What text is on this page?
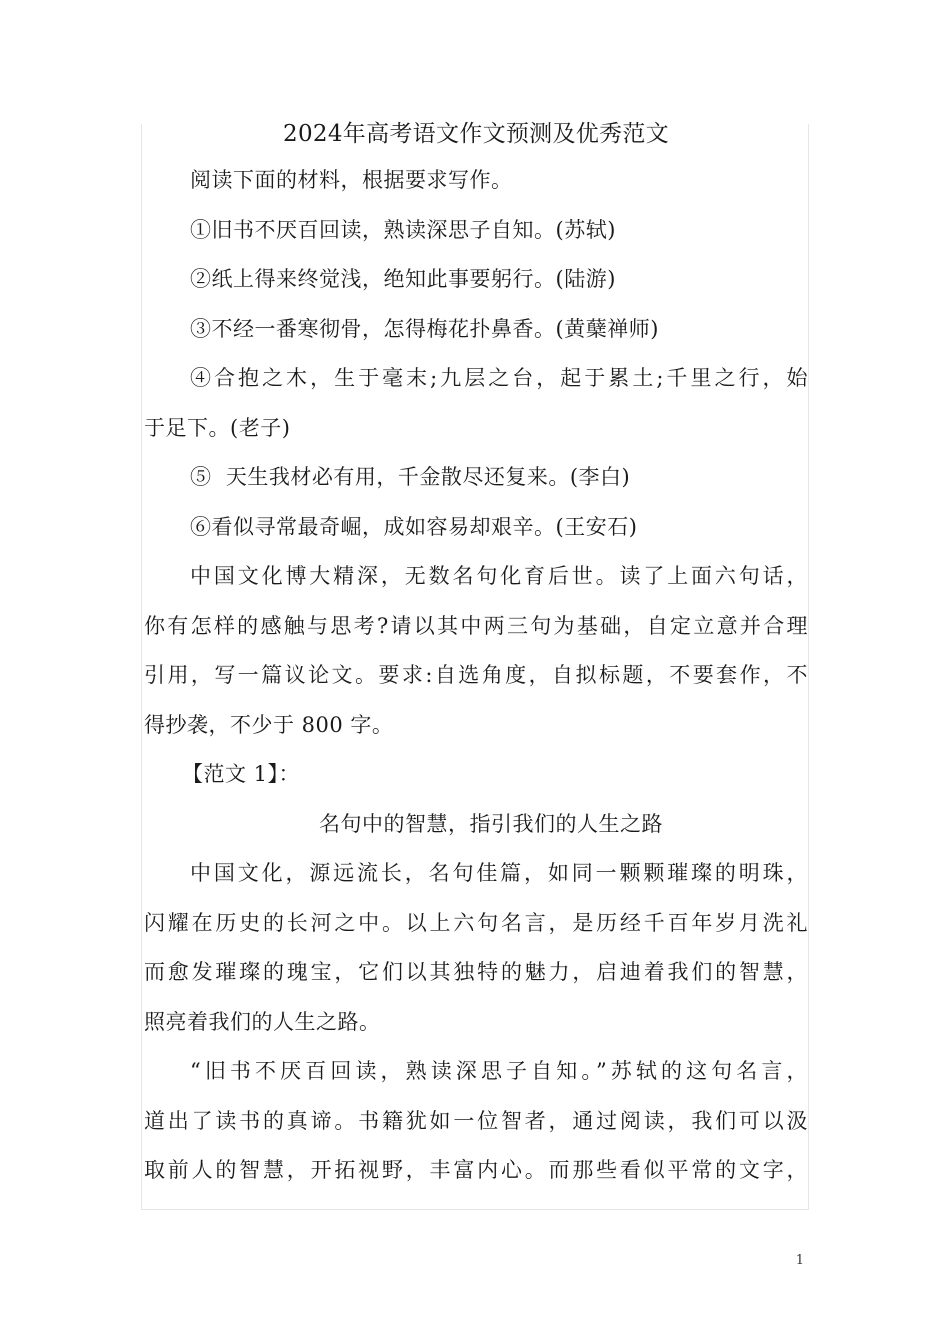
2024年高考语文作文预测及优秀范文
阅读下面的材料，根据要求写作。
①旧书不厌百回读，熟读深思子自知。(苏轼)
②纸上得来终觉浅，绝知此事要躬行。(陆游)
③不经一番寒彻骨，怎得梅花扑鼻香。(黄蘖禅师)
④合抱之木，生于毫末;九层之台，起于累土;千里之行，始
于足下。(老子)
⑤  天生我材必有用，千金散尽还复来。(李白)
⑥看似寻常最奇崛，成如容易却艰辛。(王安石)
中国文化博大精深，无数名句化育后世。读了上面六句话，
你有怎样的感触与思考?请以其中两三句为基础，自定立意并合理
引用，写一篇议论文。要求:自选角度，自拟标题，不要套作，不
得抄袭，不少于 800 字。
【范文 1】：
名句中的智慧，指引我们的人生之路
中国文化，源远流长，名句佳篇，如同一颗颗璀璨的明珠，
闪耀在历史的长河之中。以上六句名言，是历经千百年岁月洗礼
而愈发璀璨的瑰宝，它们以其独特的魅力，启迪着我们的智慧，
照亮着我们的人生之路。
“旧书不厌百回读，熟读深思子自知。”苏轼的这句名言，
道出了读书的真谛。书籍犹如一位智者，通过阅读，我们可以汲
取前人的智慧，开拓视野，丰富内心。而那些看似平常的文字，
1
